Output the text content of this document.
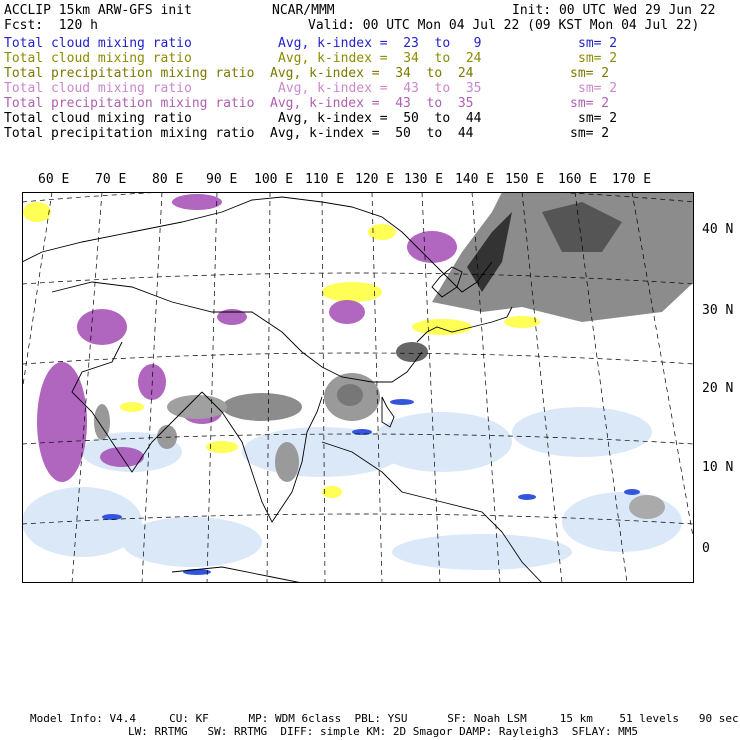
ACCLIP 15km ARW-GFS init	NCAR/MMM	Init: 00 UTC Wed 29 Jun 22
Fcst:  120 h	Valid: 00 UTC Mon 04 Jul 22 (09 KST Mon 04 Jul 22)
Total cloud mixing ratio	Avg, k-index =  23  to   9	sm= 2
Total cloud mixing ratio	Avg, k-index =  34  to  24	sm= 2
Total precipitation mixing ratio Avg, k-index =  34  to  24	sm= 2
Total cloud mixing ratio	Avg, k-index =  43  to  35	sm= 2
Total precipitation mixing ratio Avg, k-index =  43  to  35	sm= 2
Total cloud mixing ratio	Avg, k-index =  50  to  44	sm= 2
Total precipitation mixing ratio Avg, k-index =  50  to  44	sm= 2
60 E 70 E 80 E 90 E 100 E 110 E 120 E 130 E 140 E 150 E 160 E 170 E
40 N
30 N
20 N
10 N
0
Model Info: V4.4     CU: KF      MP: WDM 6class  PBL: YSU      SF: Noah LSM     15 km    51 levels   90 sec
LW: RRTMG   SW: RRTMG  DIFF: simple KM: 2D Smagor DAMP: Rayleigh3  SFLAY: MM5
